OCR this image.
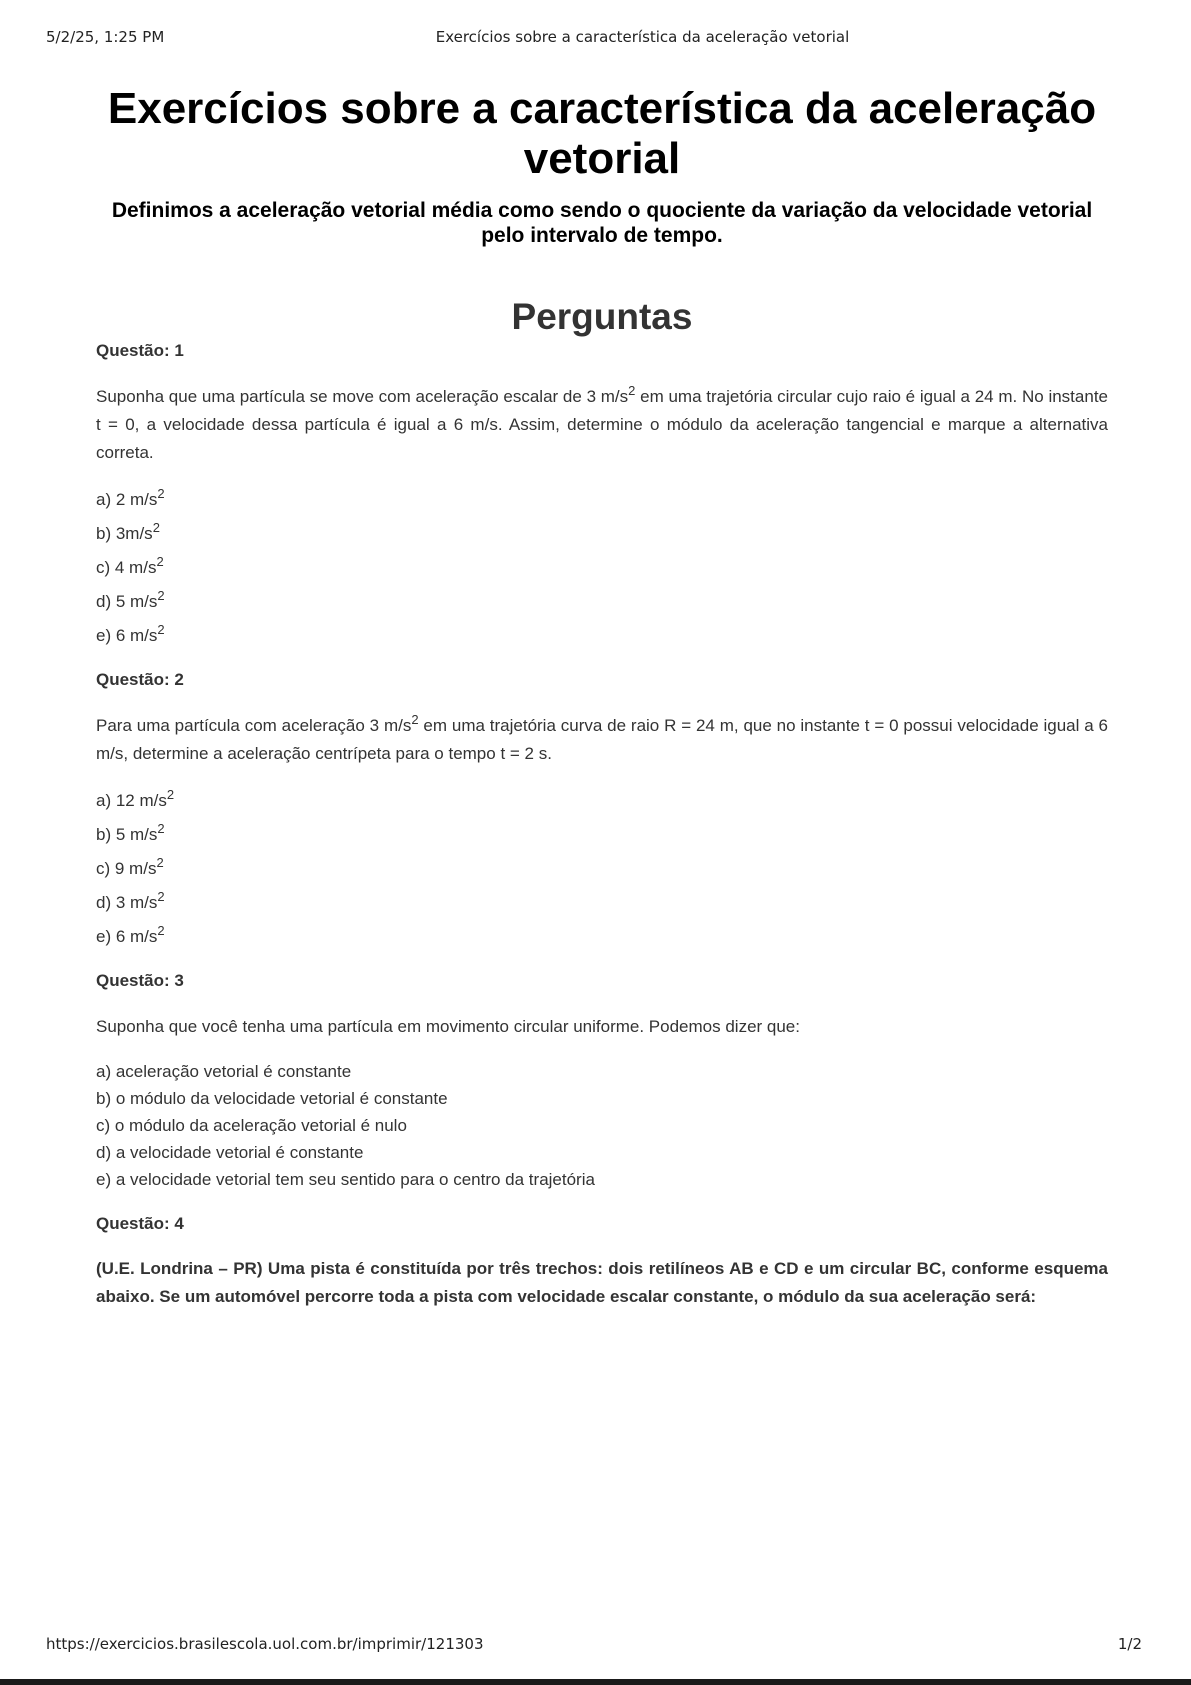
5/2/25, 1:25 PM	Exercícios sobre a característica da aceleração vetorial
Exercícios sobre a característica da aceleração vetorial

Definimos a aceleração vetorial média como sendo o quociente da variação da velocidade vetorial pelo intervalo de tempo.

Perguntas
Questão: 1
Suponha que uma partícula se move com aceleração escalar de 3 $m/s^2$ em uma trajetória circular cujo raio é igual a 24 m. No instante t = 0, a velocidade dessa partícula é igual a 6 m/s. Assim, determine o módulo da aceleração tangencial e marque a alternativa correta.
a) 2 $m/s^2$
b) $3m/s^2$
c) 4 $m/s^2$
d) 5 $m/s^2$
e) 6 $m/s^2$
Questão: 2
Para uma partícula com aceleração 3 $m/s^2$ em uma trajetória curva de raio R = 24 m, que no instante t = 0 possui velocidade igual a 6 m/s, determine a aceleração centrípeta para o tempo t = 2 s.
a) 12 $m/s^2$
b) 5 $m/s^2$
c) 9 $m/s^2$
d) 3 $m/s^2$
e) 6 $m/s^2$
Questão: 3
Suponha que você tenha uma partícula em movimento circular uniforme. Podemos dizer que:
a) aceleração vetorial é constante
b) o módulo da velocidade vetorial é constante
c) o módulo da aceleração vetorial é nulo
d) a velocidade vetorial é constante
e) a velocidade vetorial tem seu sentido para o centro da trajetória
Questão: 4
(U.E. Londrina – PR) Uma pista é constituída por três trechos: dois retilíneos AB e CD e um circular BC, conforme esquema abaixo. Se um automóvel percorre toda a pista com velocidade escalar constante, o módulo da sua aceleração será:
https://exercicios.brasilescola.uol.com.br/imprimir/121303	1/2
